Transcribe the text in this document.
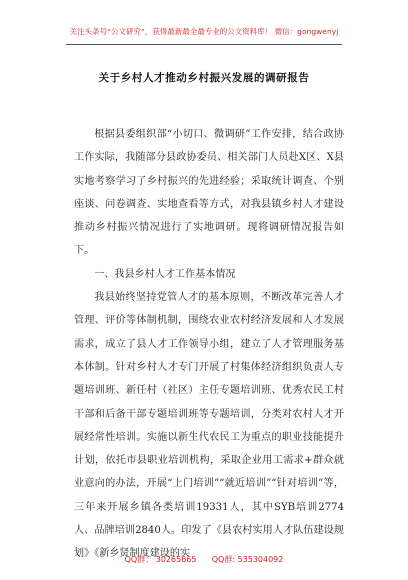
关注头条号“公文研究”，获得最新最全最专业的公文资料库！ 微信：gongwenyj
关于乡村人才推动乡村振兴发展的调研报告

根据县委组织部“小切口、微调研”工作安排，结合政协工作实际，我随部分县政协委员、相关部门人员赴X区、X县实地考察学习了乡村振兴的先进经验；采取统计调查、个别座谈、问卷调查、实地查看等方式，对我县镇乡村人才建设推动乡村振兴情况进行了实地调研。现将调研情况报告如下。

一、我县乡村人才工作基本情况

我县始终坚持党管人才的基本原则，不断改革完善人才管理、评价等体制机制，围绕农业农村经济发展和人才发展需求，成立了县人才工作领导小组，建立了人才管理服务基本体制。针对乡村人才专门开展了村集体经济组织负责人专题培训班、新任村（社区）主任专题培训班、优秀农民工村干部和后备干部专题培训班等专题培训，分类对农村人才开展经常性培训。实施以新生代农民工为重点的职业技能提升计划，依托市县职业培训机构，采取企业用工需求+群众就业意向的办法，开展“上门培训”“就近培训”“针对培训”等，三年来开展乡镇各类培训19331人，其中SYB培训2774人、品牌培训2840人。印发了《县农村实用人才队伍建设规划》《新乡贤制度建设的实

QQ群： 30265665      QQ群: 535304092
